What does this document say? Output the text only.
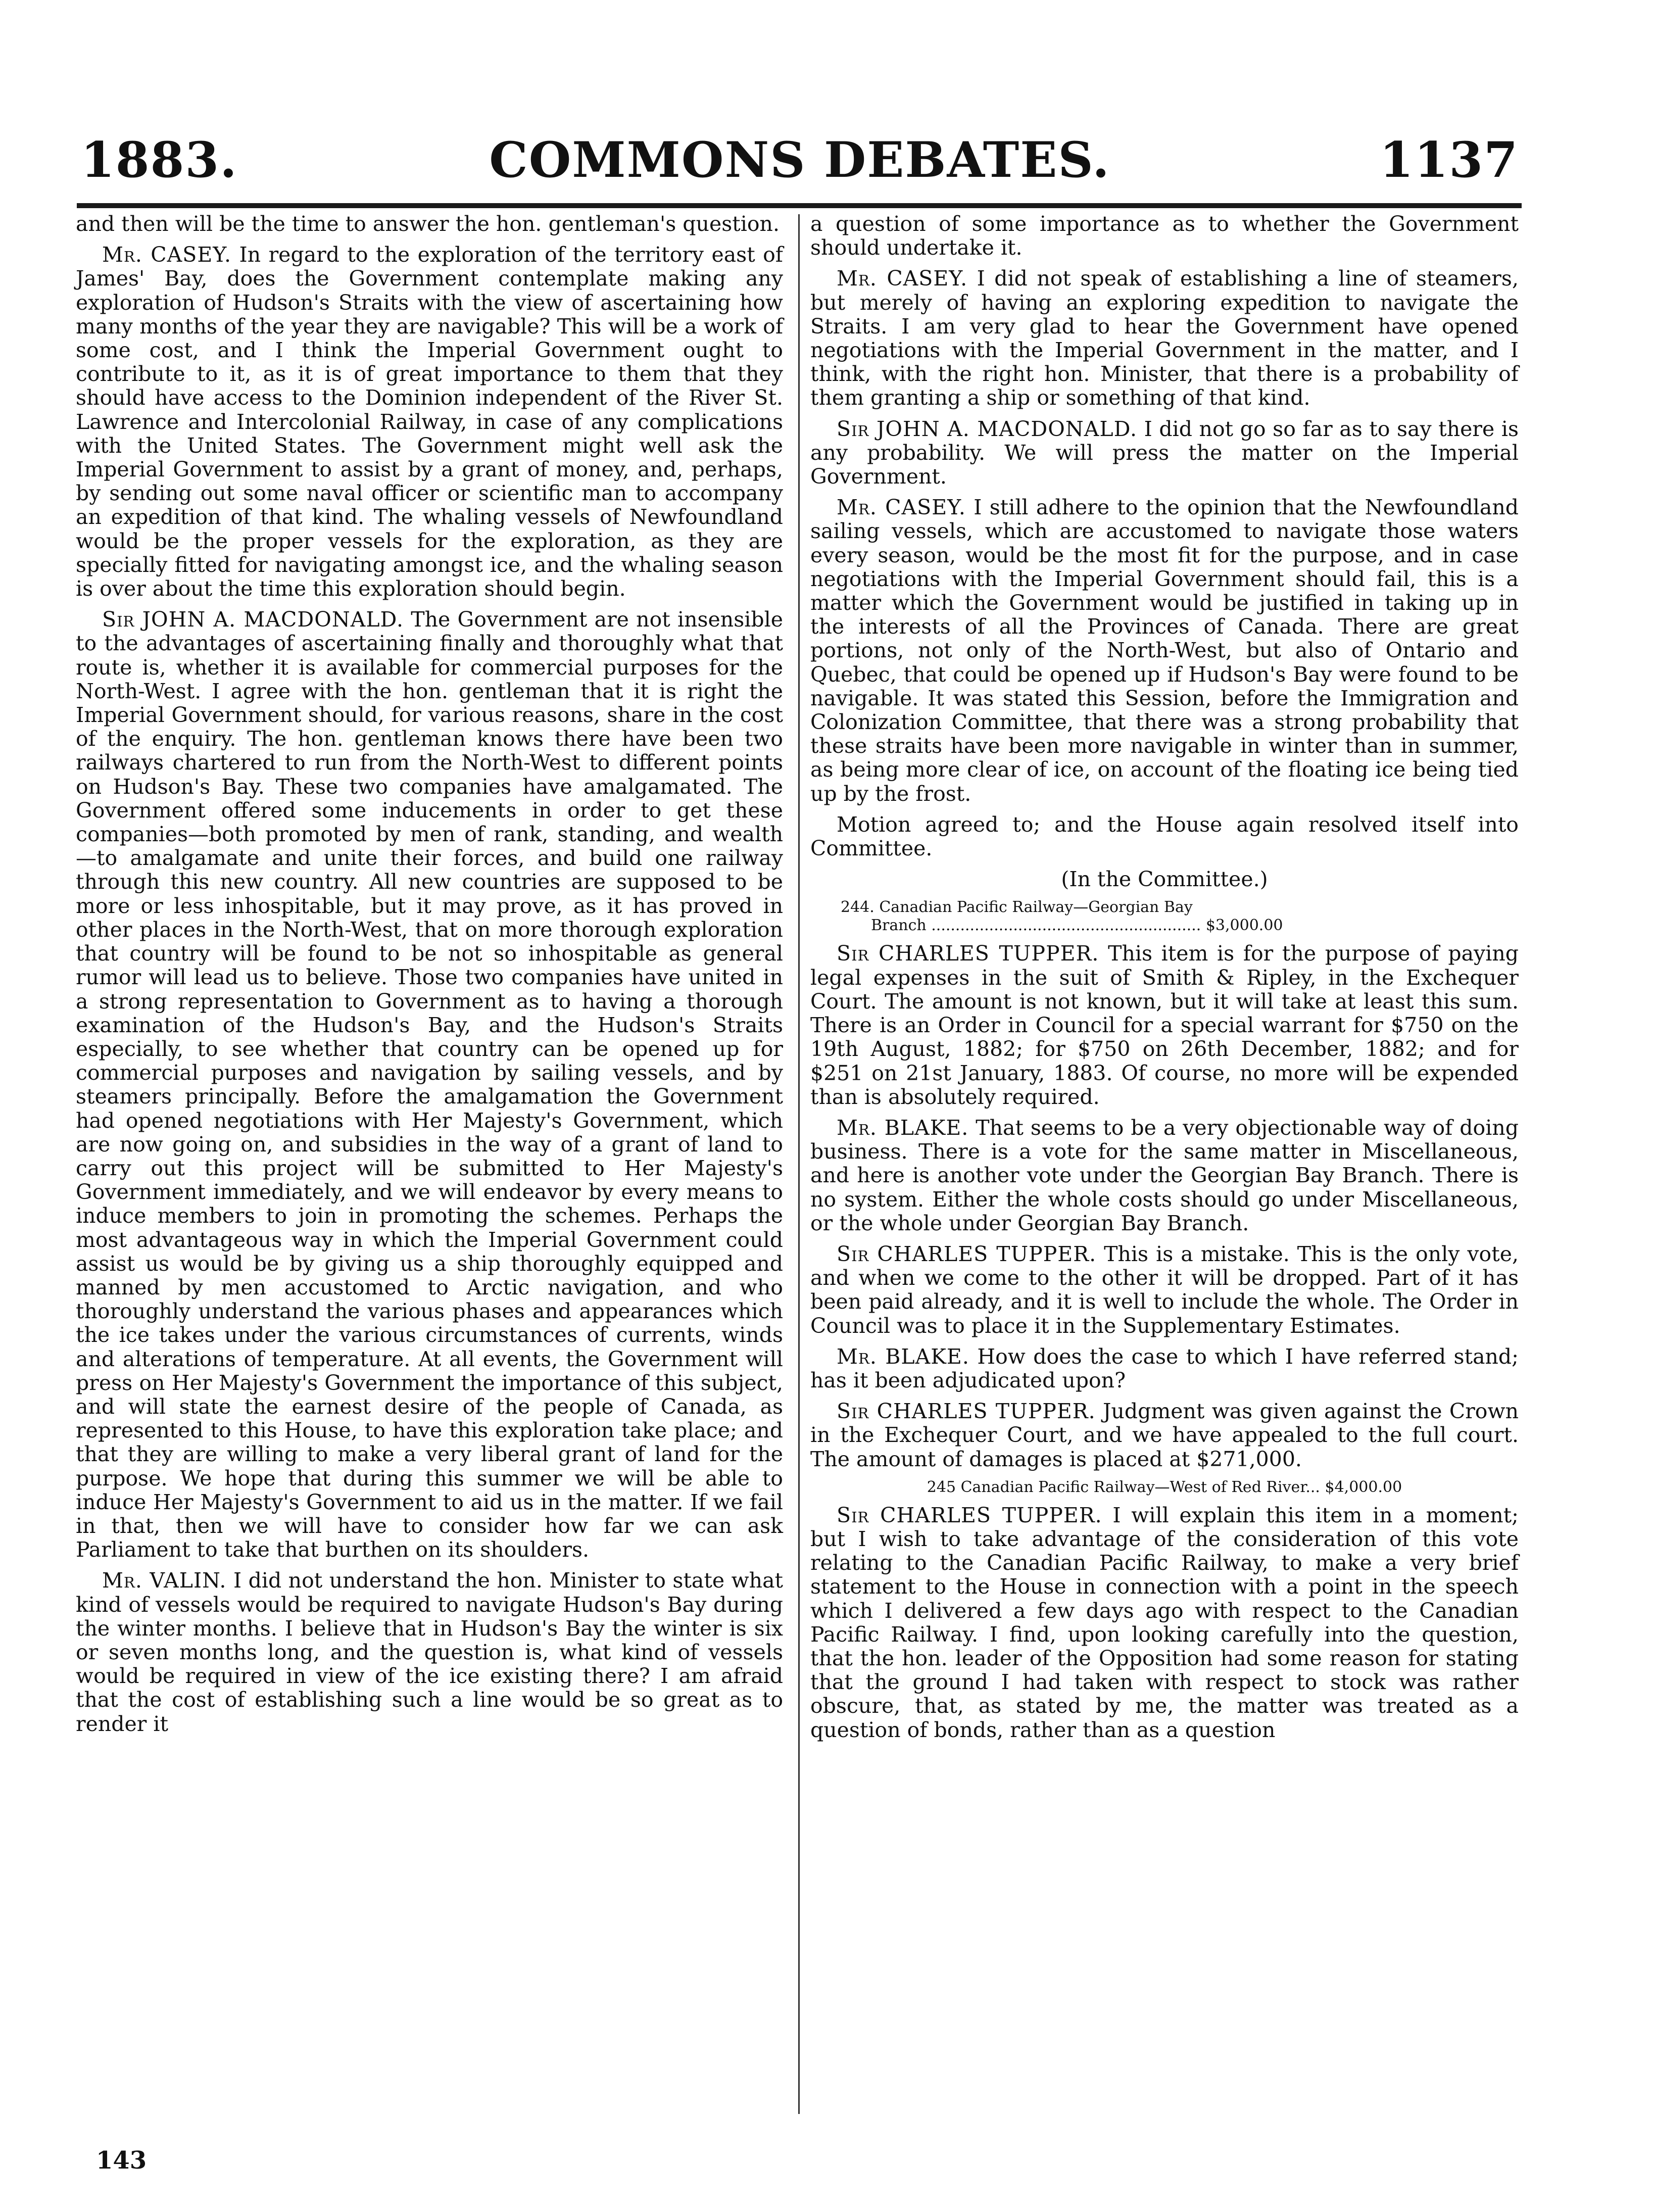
1883.	COMMONS DEBATES.	1137

and then will be the time to answer the hon. gentleman's question.

Mr. CASEY. In regard to the exploration of the territory east of James' Bay, does the Government contemplate making any exploration of Hudson's Straits with the view of ascertaining how many months of the year they are navigable? This will be a work of some cost, and I think the Imperial Government ought to contribute to it, as it is of great importance to them that they should have access to the Dominion independent of the River St. Lawrence and Intercolonial Railway, in case of any complications with the United States. The Government might well ask the Imperial Government to assist by a grant of money, and, perhaps, by sending out some naval officer or scientific man to accompany an expedition of that kind. The whaling vessels of Newfoundland would be the proper vessels for the exploration, as they are specially fitted for navigating amongst ice, and the whaling season is over about the time this exploration should begin.

Sir JOHN A. MACDONALD. The Government are not insensible to the advantages of ascertaining finally and thoroughly what that route is, whether it is available for commercial purposes for the North-West. I agree with the hon. gentleman that it is right the Imperial Government should, for various reasons, share in the cost of the enquiry. The hon. gentleman knows there have been two railways chartered to run from the North-West to different points on Hudson's Bay. These two companies have amalgamated. The Government offered some inducements in order to get these companies—both promoted by men of rank, standing, and wealth—to amalgamate and unite their forces, and build one railway through this new country. All new countries are supposed to be more or less inhospitable, but it may prove, as it has proved in other places in the North-West, that on more thorough exploration that country will be found to be not so inhospitable as general rumor will lead us to believe. Those two companies have united in a strong representation to Government as to having a thorough examination of the Hudson's Bay, and the Hudson's Straits especially, to see whether that country can be opened up for commercial purposes and navigation by sailing vessels, and by steamers principally. Before the amalgamation the Government had opened negotiations with Her Majesty's Government, which are now going on, and subsidies in the way of a grant of land to carry out this project will be submitted to Her Majesty's Government immediately, and we will endeavor by every means to induce members to join in promoting the schemes. Perhaps the most advantageous way in which the Imperial Government could assist us would be by giving us a ship thoroughly equipped and manned by men accustomed to Arctic navigation, and who thoroughly understand the various phases and appearances which the ice takes under the various circumstances of currents, winds and alterations of temperature. At all events, the Government will press on Her Majesty's Government the importance of this subject, and will state the earnest desire of the people of Canada, as represented to this House, to have this exploration take place; and that they are willing to make a very liberal grant of land for the purpose. We hope that during this summer we will be able to induce Her Majesty's Government to aid us in the matter. If we fail in that, then we will have to consider how far we can ask Parliament to take that burthen on its shoulders.

Mr. VALIN. I did not understand the hon. Minister to state what kind of vessels would be required to navigate Hudson's Bay during the winter months. I believe that in Hudson's Bay the winter is six or seven months long, and the question is, what kind of vessels would be required in view of the ice existing there? I am afraid that the cost of establishing such a line would be so great as to render it

a question of some importance as to whether the Government should undertake it.

Mr. CASEY. I did not speak of establishing a line of steamers, but merely of having an exploring expedition to navigate the Straits. I am very glad to hear the Government have opened negotiations with the Imperial Government in the matter, and I think, with the right hon. Minister, that there is a probability of them granting a ship or something of that kind.

Sir JOHN A. MACDONALD. I did not go so far as to say there is any probability. We will press the matter on the Imperial Government.

Mr. CASEY. I still adhere to the opinion that the Newfoundland sailing vessels, which are accustomed to navigate those waters every season, would be the most fit for the purpose, and in case negotiations with the Imperial Government should fail, this is a matter which the Government would be justified in taking up in the interests of all the Provinces of Canada. There are great portions, not only of the North-West, but also of Ontario and Quebec, that could be opened up if Hudson's Bay were found to be navigable. It was stated this Session, before the Immigration and Colonization Committee, that there was a strong probability that these straits have been more navigable in winter than in summer, as being more clear of ice, on account of the floating ice being tied up by the frost.

Motion agreed to; and the House again resolved itself into Committee.

(In the Committee.)

244. Canadian Pacific Railway—Georgian Bay
Branch ........................................................ $3,000.00

Sir CHARLES TUPPER. This item is for the purpose of paying legal expenses in the suit of Smith & Ripley, in the Exchequer Court. The amount is not known, but it will take at least this sum. There is an Order in Council for a special warrant for $750 on the 19th August, 1882; for $750 on 26th December, 1882; and for $251 on 21st January, 1883. Of course, no more will be expended than is absolutely required.

Mr. BLAKE. That seems to be a very objectionable way of doing business. There is a vote for the same matter in Miscellaneous, and here is another vote under the Georgian Bay Branch. There is no system. Either the whole costs should go under Miscellaneous, or the whole under Georgian Bay Branch.

Sir CHARLES TUPPER. This is a mistake. This is the only vote, and when we come to the other it will be dropped. Part of it has been paid already, and it is well to include the whole. The Order in Council was to place it in the Supplementary Estimates.

Mr. BLAKE. How does the case to which I have referred stand; has it been adjudicated upon?

Sir CHARLES TUPPER. Judgment was given against the Crown in the Exchequer Court, and we have appealed to the full court. The amount of damages is placed at $271,000.

245 Canadian Pacific Railway—West of Red River... $4,000.00

Sir CHARLES TUPPER. I will explain this item in a moment; but I wish to take advantage of the consideration of this vote relating to the Canadian Pacific Railway, to make a very brief statement to the House in connection with a point in the speech which I delivered a few days ago with respect to the Canadian Pacific Railway. I find, upon looking carefully into the question, that the hon. leader of the Opposition had some reason for stating that the ground I had taken with respect to stock was rather obscure, that, as stated by me, the matter was treated as a question of bonds, rather than as a question

143
